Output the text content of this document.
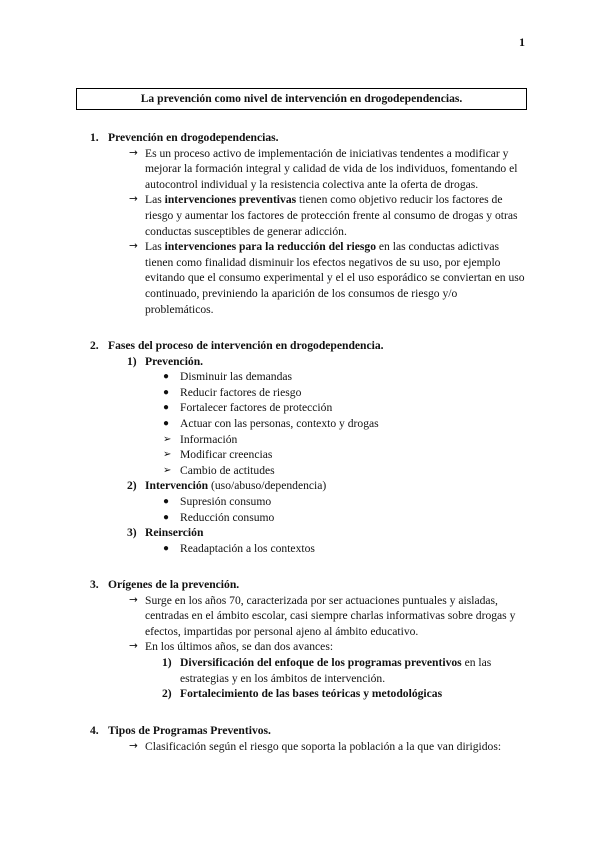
1
La prevención como nivel de intervención en drogodependencias.
1. Prevención en drogodependencias.
→ Es un proceso activo de implementación de iniciativas tendentes a modificar y mejorar la formación integral y calidad de vida de los individuos, fomentando el autocontrol individual y la resistencia colectiva ante la oferta de drogas.
→ Las intervenciones preventivas tienen como objetivo reducir los factores de riesgo y aumentar los factores de protección frente al consumo de drogas y otras conductas susceptibles de generar adicción.
→ Las intervenciones para la reducción del riesgo en las conductas adictivas tienen como finalidad disminuir los efectos negativos de su uso, por ejemplo evitando que el consumo experimental y el el uso esporádico se conviertan en uso continuado, previniendo la aparición de los consumos de riesgo y/o problemáticos.
2. Fases del proceso de intervención en drogodependencia.
1) Prevención.
● Disminuir las demandas
● Reducir factores de riesgo
● Fortalecer factores de protección
● Actuar con las personas, contexto y drogas
➢ Información
➢ Modificar creencias
➢ Cambio de actitudes
2) Intervención (uso/abuso/dependencia)
● Supresión consumo
● Reducción consumo
3) Reinserción
● Readaptación a los contextos
3. Orígenes de la prevención.
→ Surge en los años 70, caracterizada por ser actuaciones puntuales y aisladas, centradas en el ámbito escolar, casi siempre charlas informativas sobre drogas y efectos, impartidas por personal ajeno al ámbito educativo.
→ En los últimos años, se dan dos avances:
1) Diversificación del enfoque de los programas preventivos en las estrategias y en los ámbitos de intervención.
2) Fortalecimiento de las bases teóricas y metodológicas
4. Tipos de Programas Preventivos.
→ Clasificación según el riesgo que soporta la población a la que van dirigidos:
